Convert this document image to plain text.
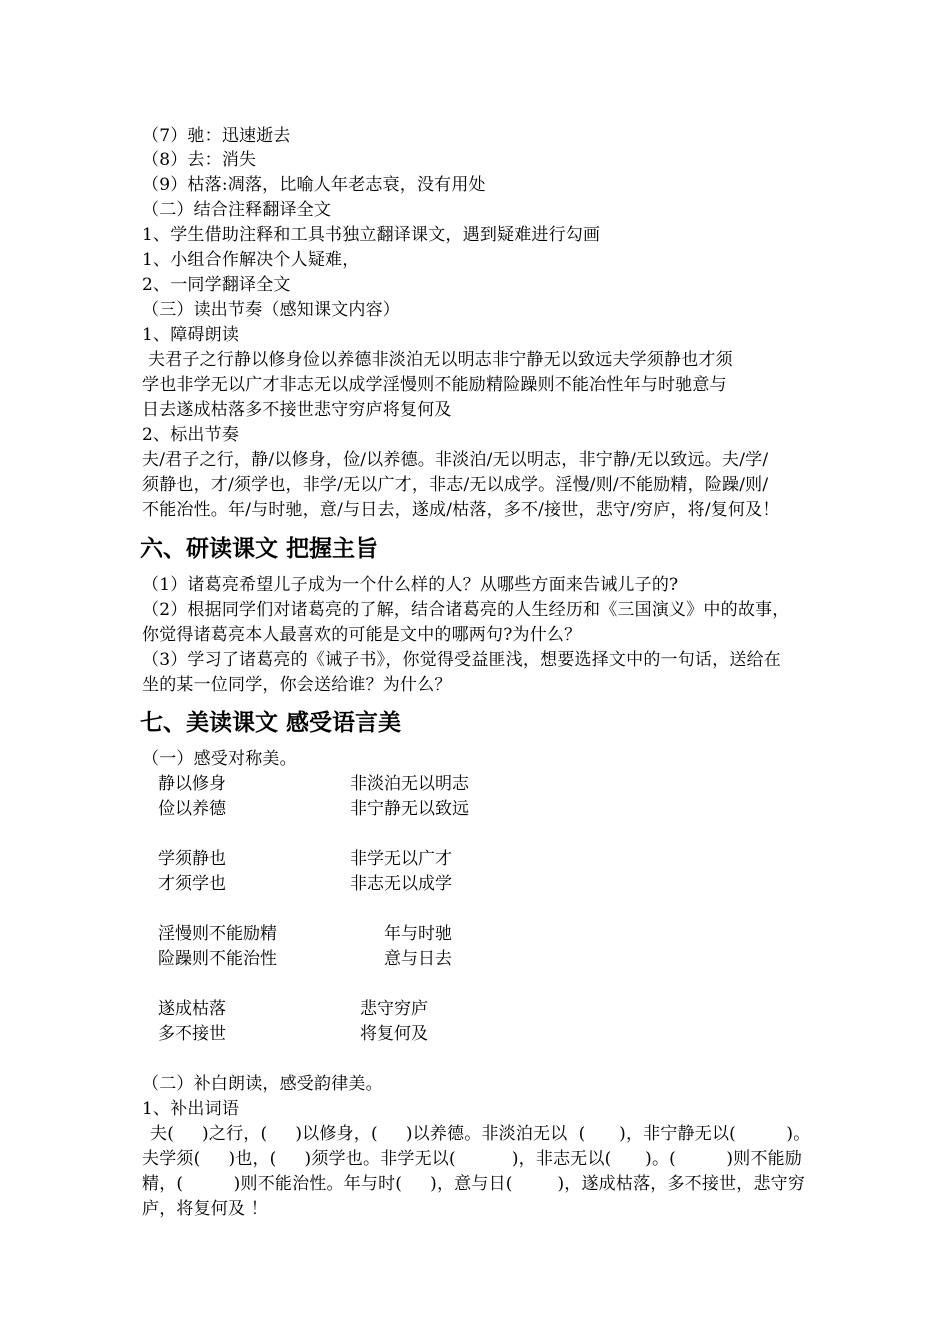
（7）驰：迅速逝去
（8）去：消失
（9）枯落:凋落，比喻人年老志衰，没有用处
（二）结合注释翻译全文
1、学生借助注释和工具书独立翻译课文，遇到疑难进行勾画
1、小组合作解决个人疑难，
2、一同学翻译全文
（三）读出节奏（感知课文内容）
1、障碍朗读
夫君子之行静以修身俭以养德非淡泊无以明志非宁静无以致远夫学须静也才须
学也非学无以广才非志无以成学淫慢则不能励精险躁则不能冶性年与时驰意与
日去遂成枯落多不接世悲守穷庐将复何及
2、标出节奏
夫/君子之行，静/以修身，俭/以养德。非淡泊/无以明志，非宁静/无以致远。夫/学/
须静也，才/须学也，非学/无以广才，非志/无以成学。淫慢/则/不能励精，险躁/则/
不能冶性。年/与时驰，意/与日去，遂成/枯落，多不/接世，悲守/穷庐，将/复何及！
六、研读课文 把握主旨
（1）诸葛亮希望儿子成为一个什么样的人？从哪些方面来告诫儿子的?
（2）根据同学们对诸葛亮的了解，结合诸葛亮的人生经历和《三国演义》中的故事，
你觉得诸葛亮本人最喜欢的可能是文中的哪两句?为什么？
（3）学习了诸葛亮的《诫子书》，你觉得受益匪浅，想要选择文中的一句话，送给在
坐的某一位同学，你会送给谁？为什么？
七、美读课文 感受语言美
（一）感受对称美。
静以修身	非淡泊无以明志
俭以养德	非宁静无以致远
学须静也	非学无以广才
才须学也	非志无以成学
淫慢则不能励精	年与时驰
险躁则不能治性	意与日去
遂成枯落	悲守穷庐
多不接世	将复何及
（二）补白朗读，感受韵律美。
1、补出词语
夫(     )之行，(     )以修身，(     )以养德。非淡泊无以  (      )，非宁静无以(         )。
夫学须(     )也，(     )须学也。非学无以(          )，非志无以(      )。(         )则不能励
精，(         )则不能治性。年与时(     )，意与日(        )，遂成枯落，多不接世，悲守穷
庐，将复何及 ！
